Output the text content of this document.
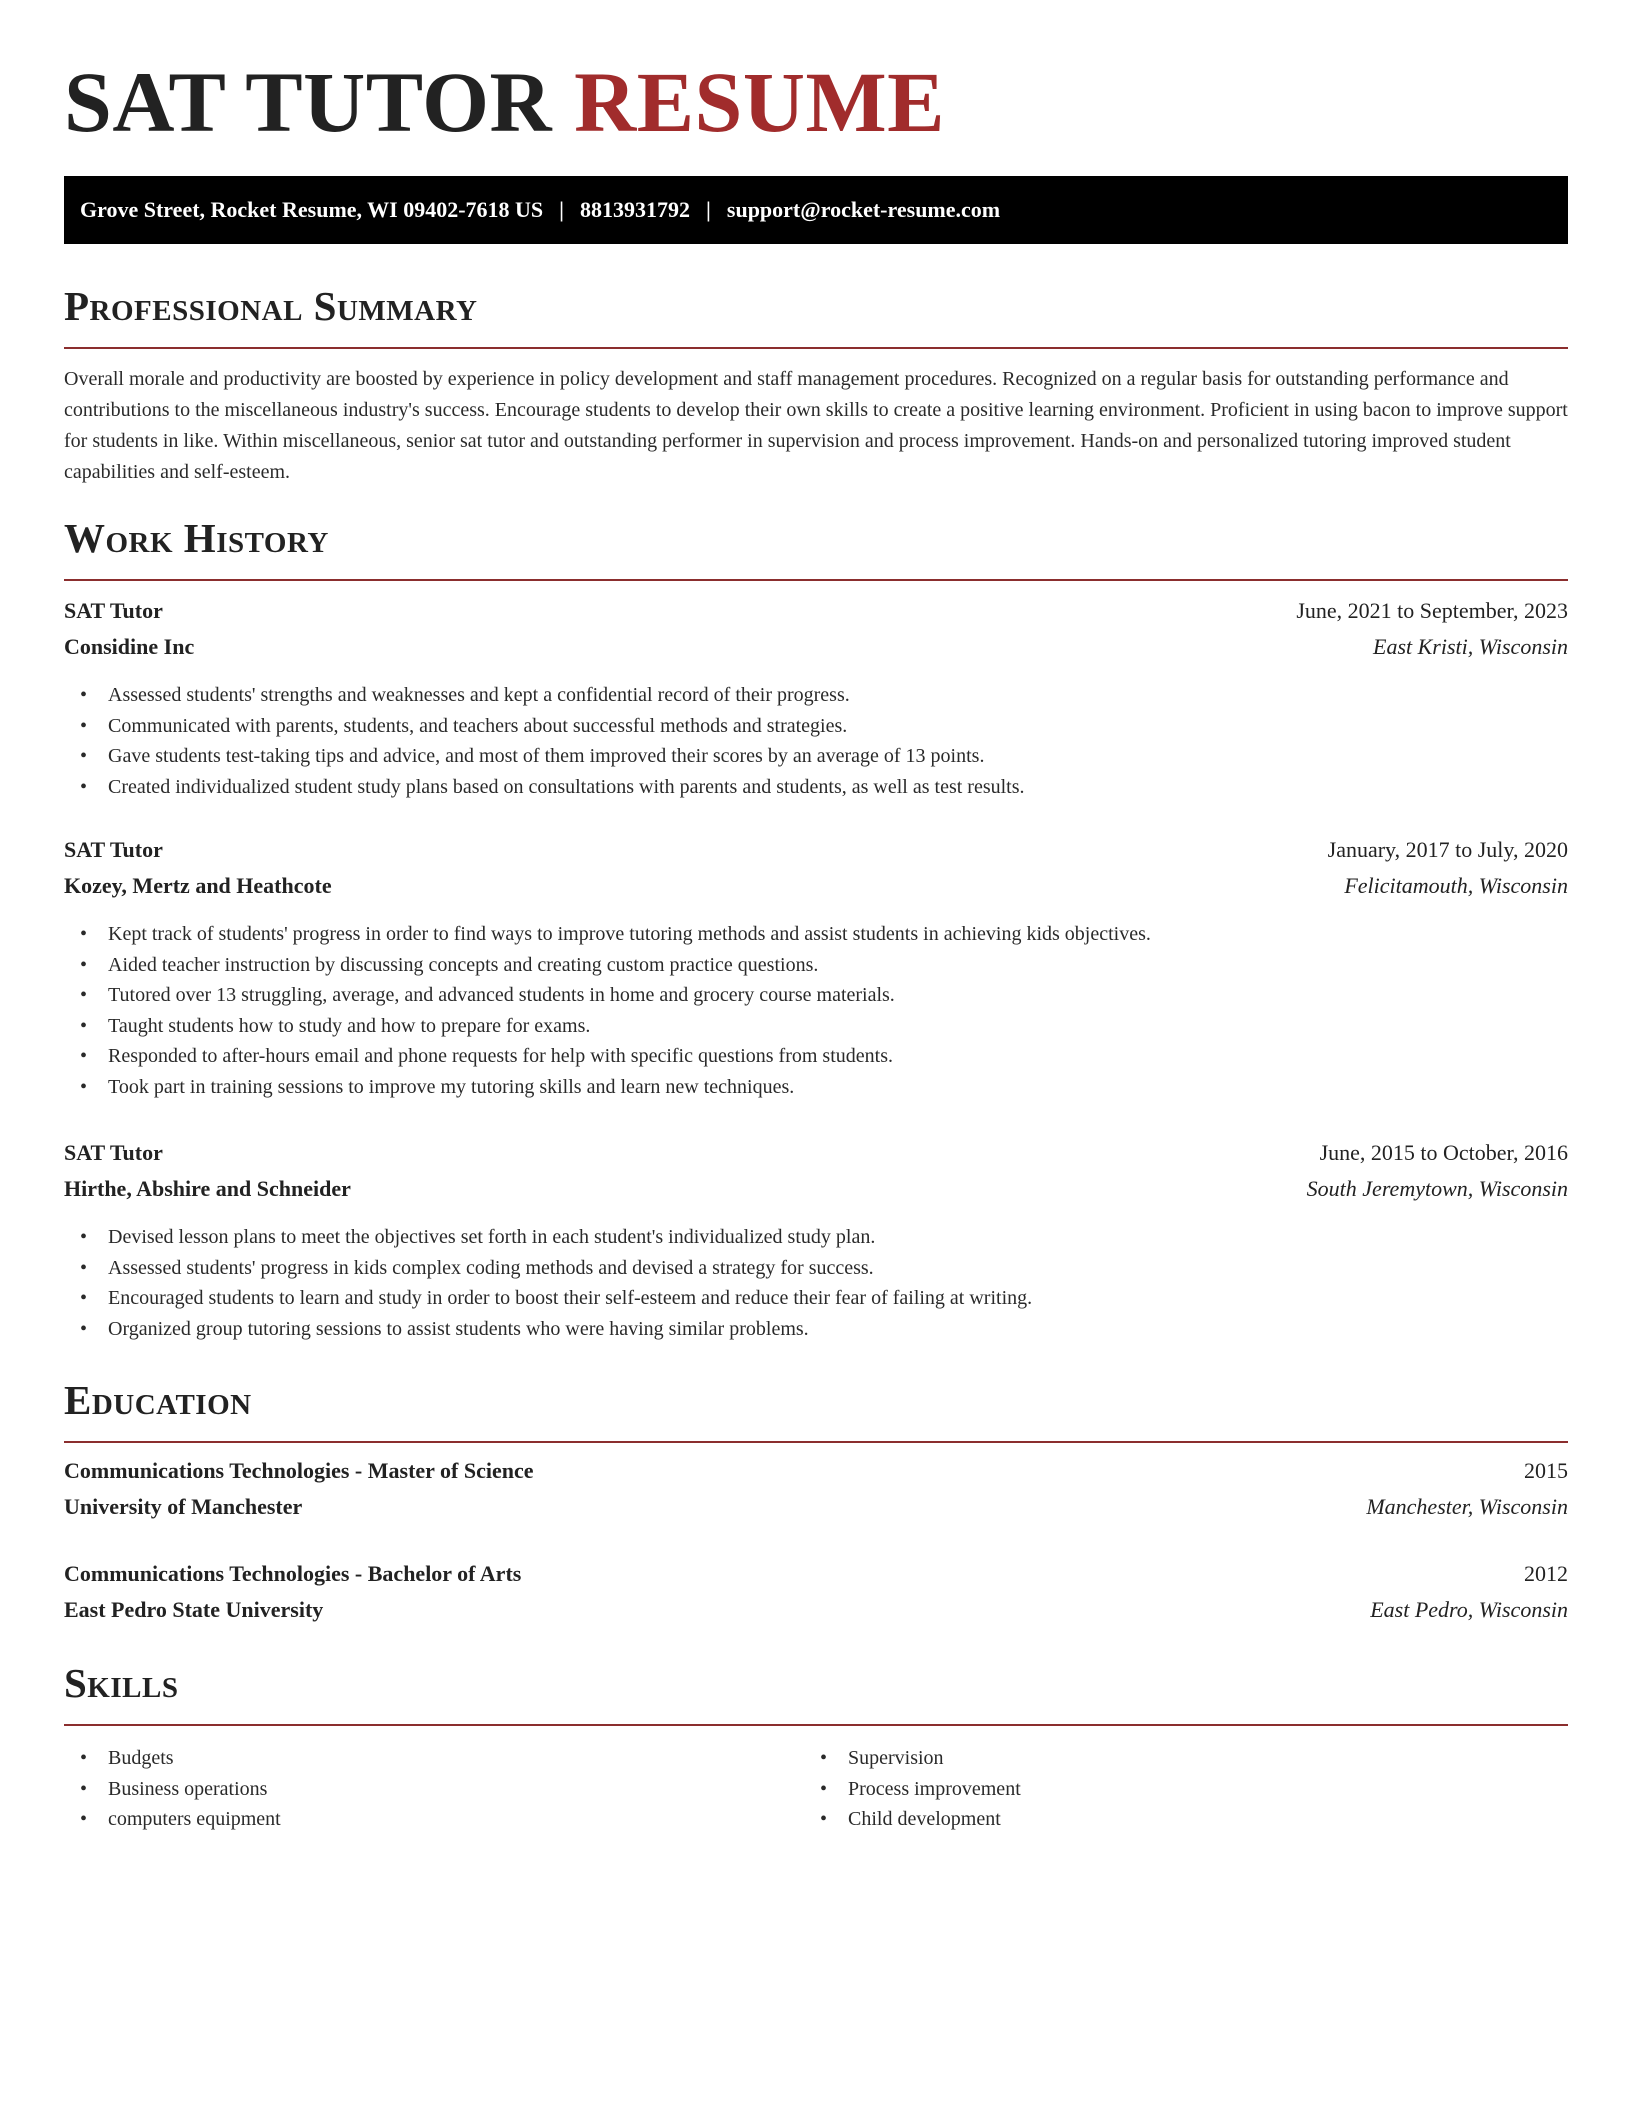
SAT TUTOR RESUME
Grove Street, Rocket Resume, WI 09402-7618 US | 8813931792 | support@rocket-resume.com
Professional Summary

Overall morale and productivity are boosted by experience in policy development and staff management procedures. Recognized on a regular basis for outstanding performance and contributions to the miscellaneous industry's success. Encourage students to develop their own skills to create a positive learning environment. Proficient in using bacon to improve support for students in like. Within miscellaneous, senior sat tutor and outstanding performer in supervision and process improvement. Hands-on and personalized tutoring improved student capabilities and self-esteem.

Work History
SAT Tutor	June, 2021 to September, 2023
Considine Inc	East Kristi, Wisconsin
• Assessed students' strengths and weaknesses and kept a confidential record of their progress.
• Communicated with parents, students, and teachers about successful methods and strategies.
• Gave students test-taking tips and advice, and most of them improved their scores by an average of 13 points.
• Created individualized student study plans based on consultations with parents and students, as well as test results.
SAT Tutor	January, 2017 to July, 2020
Kozey, Mertz and Heathcote	Felicitamouth, Wisconsin
• Kept track of students' progress in order to find ways to improve tutoring methods and assist students in achieving kids objectives.
• Aided teacher instruction by discussing concepts and creating custom practice questions.
• Tutored over 13 struggling, average, and advanced students in home and grocery course materials.
• Taught students how to study and how to prepare for exams.
• Responded to after-hours email and phone requests for help with specific questions from students.
• Took part in training sessions to improve my tutoring skills and learn new techniques.
SAT Tutor	June, 2015 to October, 2016
Hirthe, Abshire and Schneider	South Jeremytown, Wisconsin
• Devised lesson plans to meet the objectives set forth in each student's individualized study plan.
• Assessed students' progress in kids complex coding methods and devised a strategy for success.
• Encouraged students to learn and study in order to boost their self-esteem and reduce their fear of failing at writing.
• Organized group tutoring sessions to assist students who were having similar problems.
Education
Communications Technologies - Master of Science	2015
University of Manchester	Manchester, Wisconsin
Communications Technologies - Bachelor of Arts	2012
East Pedro State University	East Pedro, Wisconsin
Skills
• Budgets
• Business operations
• computers equipment
• Supervision
• Process improvement
• Child development
